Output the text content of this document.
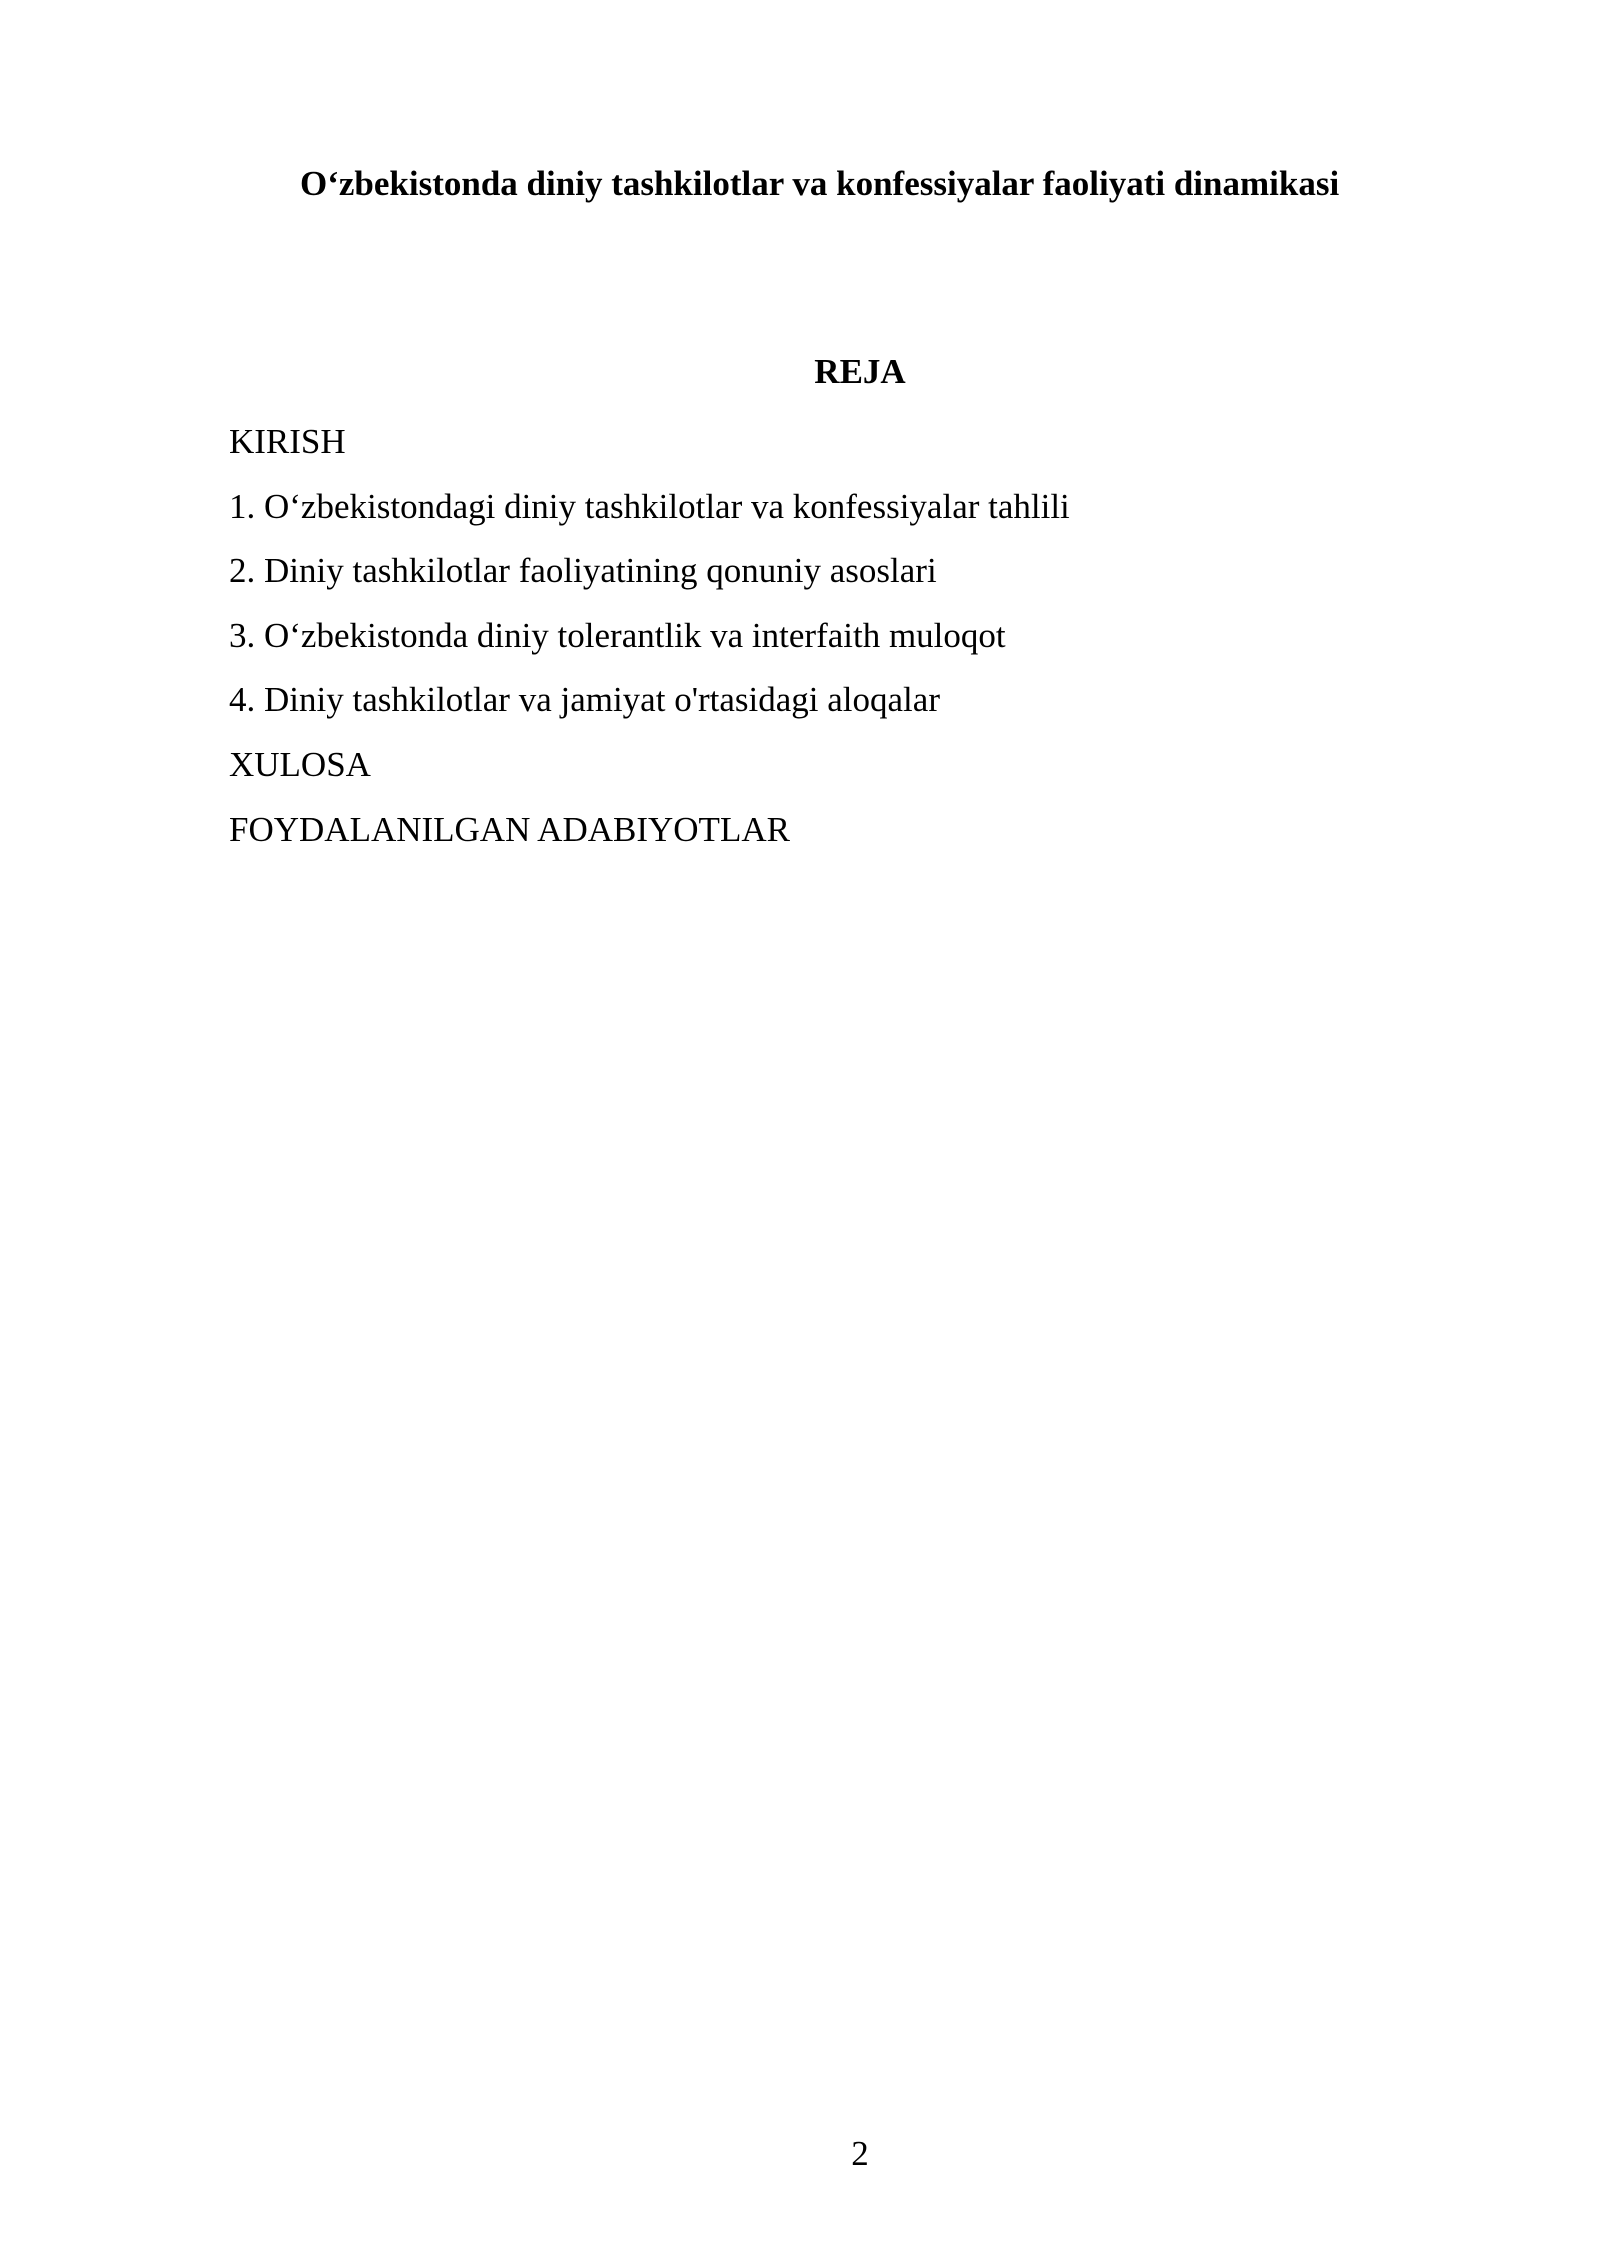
O‘zbekistonda diniy tashkilotlar va konfessiyalar faoliyati dinamikasi
REJA
KIRISH
1. O‘zbekistondagi diniy tashkilotlar va konfessiyalar tahlili
2. Diniy tashkilotlar faoliyatining qonuniy asoslari
3. O‘zbekistonda diniy tolerantlik va interfaith muloqot
4. Diniy tashkilotlar va jamiyat o'rtasidagi aloqalar
XULOSA
FOYDALANILGAN ADABIYOTLAR
2
